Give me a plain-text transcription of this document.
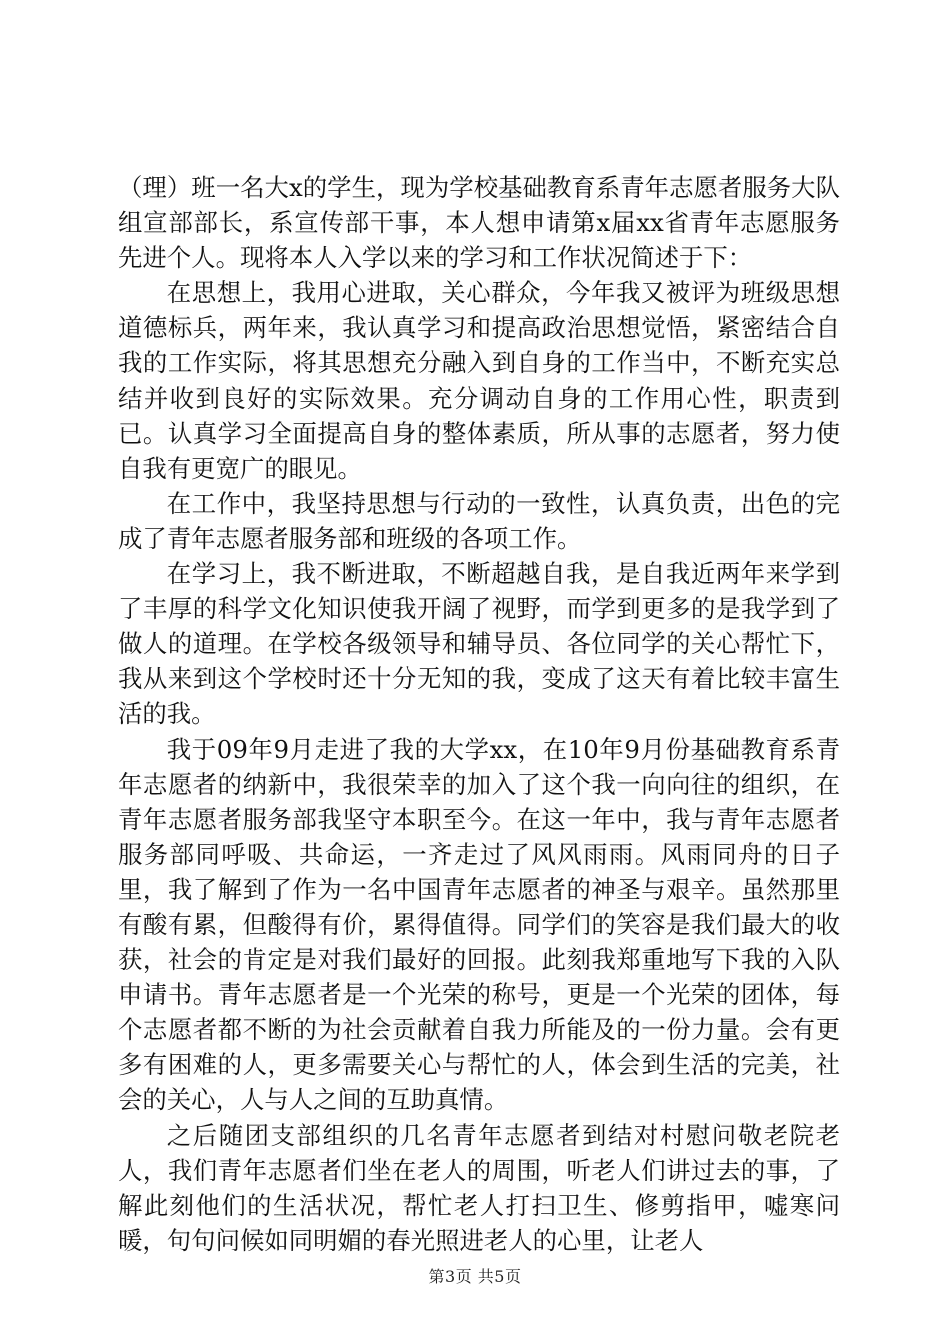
（理）班一名大x的学生，现为学校基础教育系青年志愿者服务大队组宣部部长，系宣传部干事，本人想申请第x届xx省青年志愿服务先进个人。现将本人入学以来的学习和工作状况简述于下：

在思想上，我用心进取，关心群众，今年我又被评为班级思想道德标兵，两年来，我认真学习和提高政治思想觉悟，紧密结合自我的工作实际，将其思想充分融入到自身的工作当中，不断充实总结并收到良好的实际效果。充分调动自身的工作用心性，职责到已。认真学习全面提高自身的整体素质，所从事的志愿者，努力使自我有更宽广的眼见。

在工作中，我坚持思想与行动的一致性，认真负责，出色的完成了青年志愿者服务部和班级的各项工作。

在学习上，我不断进取，不断超越自我，是自我近两年来学到了丰厚的科学文化知识使我开阔了视野，而学到更多的是我学到了做人的道理。在学校各级领导和辅导员、各位同学的关心帮忙下，我从来到这个学校时还十分无知的我，变成了这天有着比较丰富生活的我。

我于09年9月走进了我的大学xx，在10年9月份基础教育系青年志愿者的纳新中，我很荣幸的加入了这个我一向向往的组织，在青年志愿者服务部我坚守本职至今。在这一年中，我与青年志愿者服务部同呼吸、共命运，一齐走过了风风雨雨。风雨同舟的日子里，我了解到了作为一名中国青年志愿者的神圣与艰辛。虽然那里有酸有累，但酸得有价，累得值得。同学们的笑容是我们最大的收获，社会的肯定是对我们最好的回报。此刻我郑重地写下我的入队申请书。青年志愿者是一个光荣的称号，更是一个光荣的团体，每个志愿者都不断的为社会贡献着自我力所能及的一份力量。会有更多有困难的人，更多需要关心与帮忙的人，体会到生活的完美，社会的关心，人与人之间的互助真情。

之后随团支部组织的几名青年志愿者到结对村慰问敬老院老人，我们青年志愿者们坐在老人的周围，听老人们讲过去的事，了解此刻他们的生活状况，帮忙老人打扫卫生、修剪指甲，嘘寒问暖，句句问候如同明媚的春光照进老人的心里，让老人

第3页 共5页
